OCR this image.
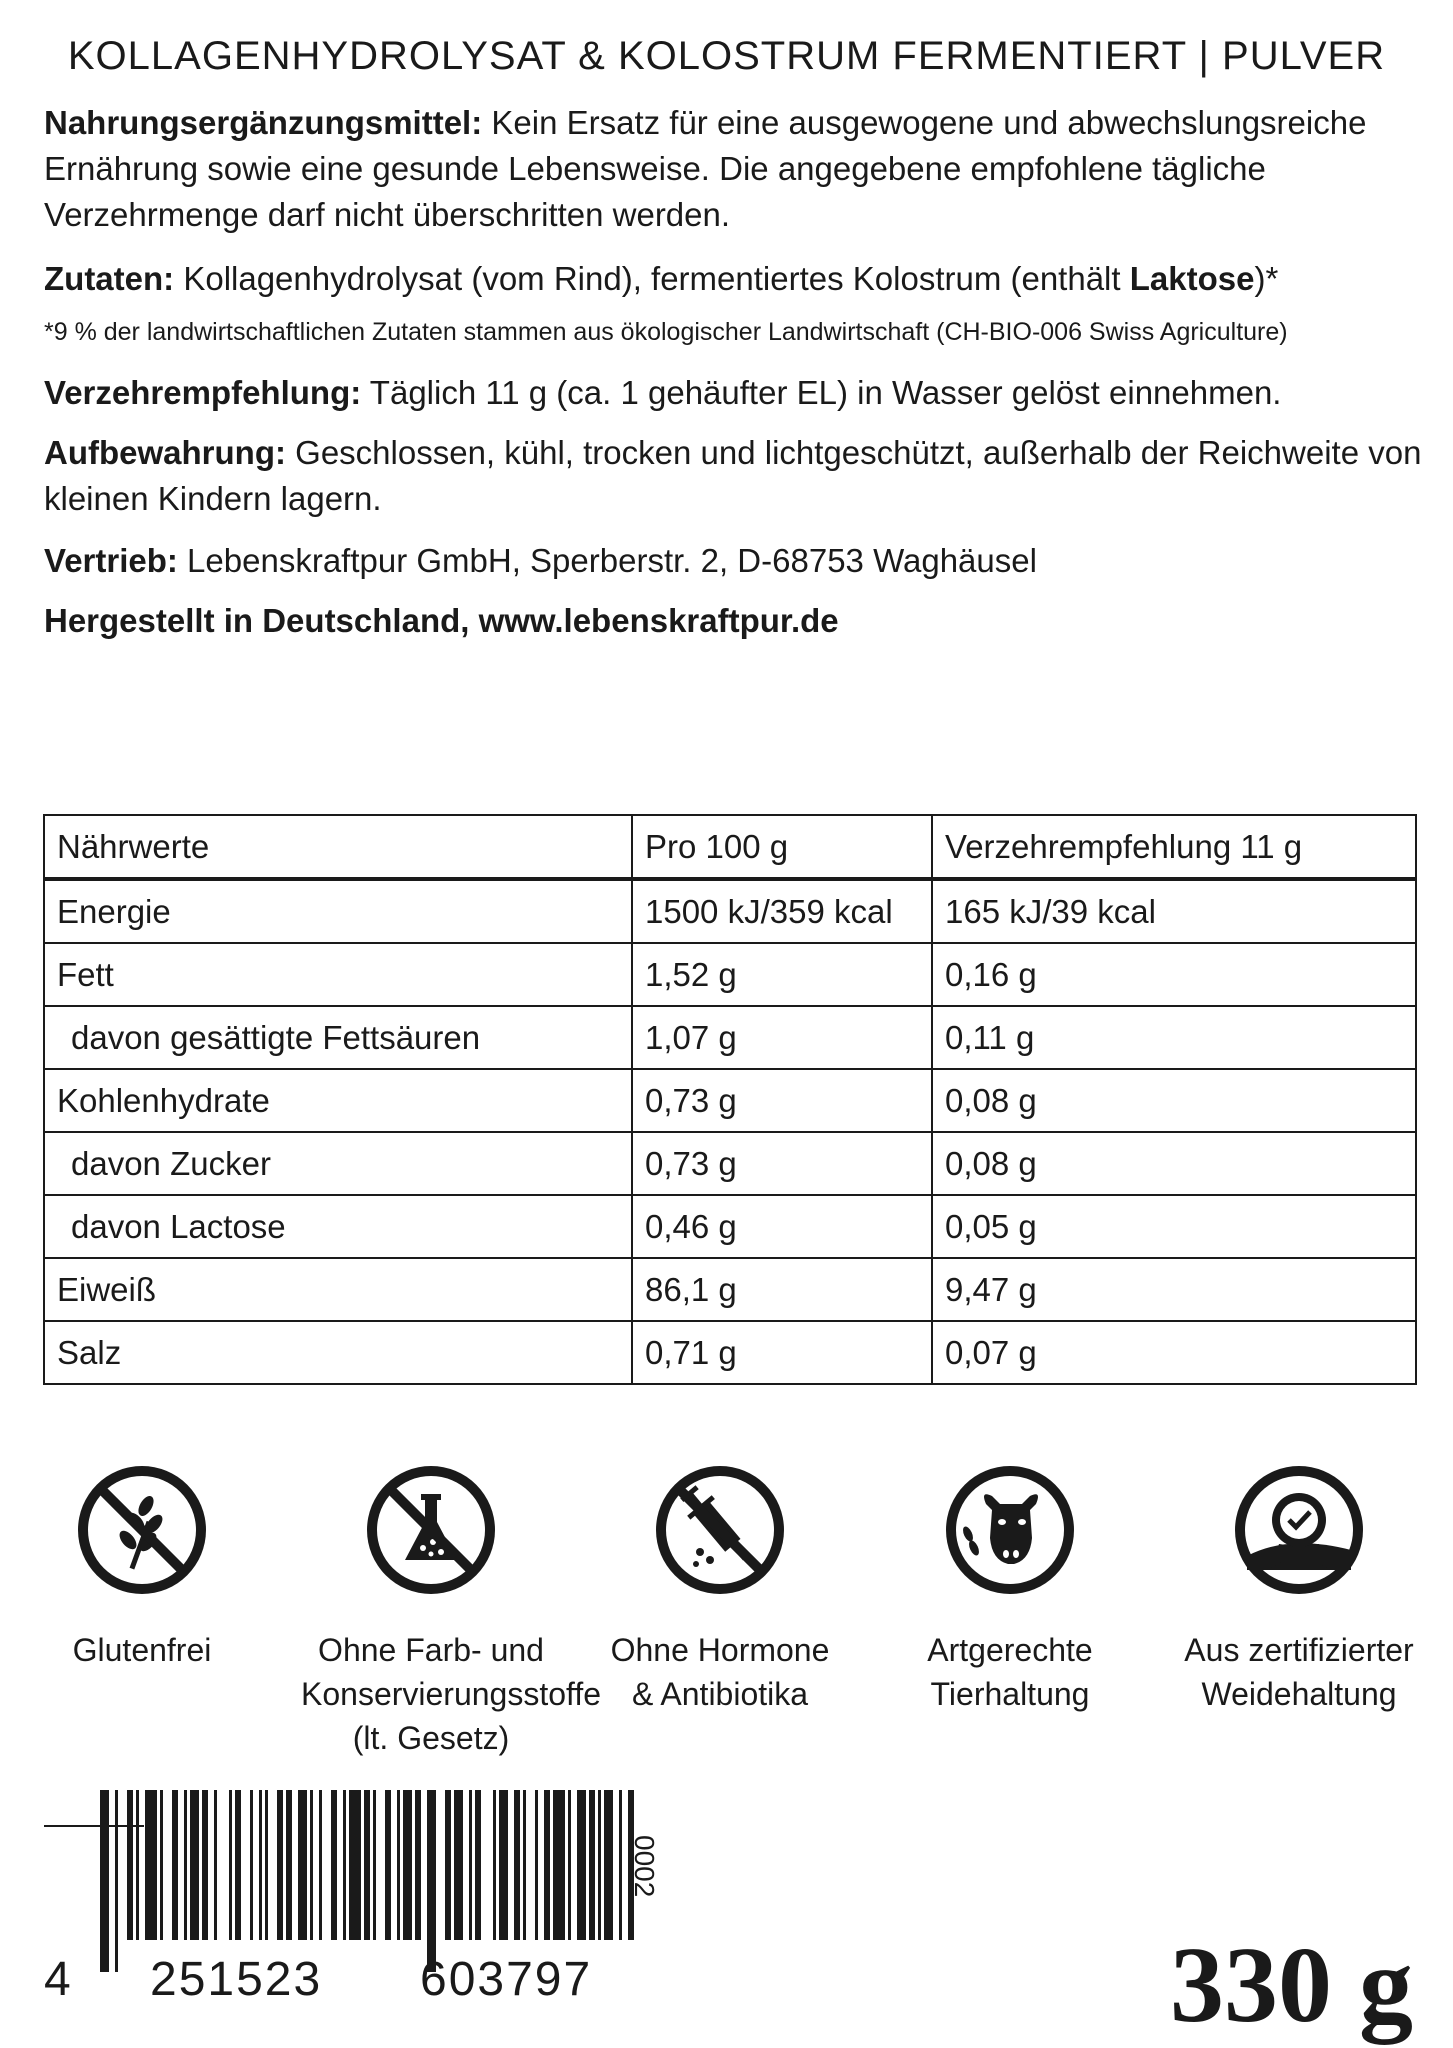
KOLLAGENHYDROLYSAT & KOLOSTRUM FERMENTIERT | PULVER
Nahrungsergänzungsmittel: Kein Ersatz für eine ausgewogene und abwechslungsreiche Ernährung sowie eine gesunde Lebensweise. Die angegebene empfohlene tägliche Verzehrmenge darf nicht überschritten werden.
Zutaten: Kollagenhydrolysat (vom Rind), fermentiertes Kolostrum (enthält Laktose)*
*9 % der landwirtschaftlichen Zutaten stammen aus ökologischer Landwirtschaft (CH-BIO-006 Swiss Agriculture)
Verzehrempfehlung: Täglich 11 g (ca. 1 gehäufter EL) in Wasser gelöst einnehmen.
Aufbewahrung: Geschlossen, kühl, trocken und lichtgeschützt, außerhalb der Reichweite von kleinen Kindern lagern.
Vertrieb: Lebenskraftpur GmbH, Sperberstr. 2, D-68753 Waghäusel
Hergestellt in Deutschland, www.lebenskraftpur.de
Nährwerte	Pro 100 g	Verzehrempfehlung 11 g
Energie	1500 kJ/359 kcal	165 kJ/39 kcal
Fett	1,52 g	0,16 g
davon gesättigte Fettsäuren	1,07 g	0,11 g
Kohlenhydrate	0,73 g	0,08 g
davon Zucker	0,73 g	0,08 g
davon Lactose	0,46 g	0,05 g
Eiweiß	86,1 g	9,47 g
Salz	0,71 g	0,07 g
Glutenfrei	Ohne Farb- und
Konservierungsstoffe
(lt. Gesetz)
Ohne Hormone
& Antibiotika
Artgerechte
Tierhaltung
Aus zertifizierter
Weidehaltung
4 251523 603797
0002
330 g
